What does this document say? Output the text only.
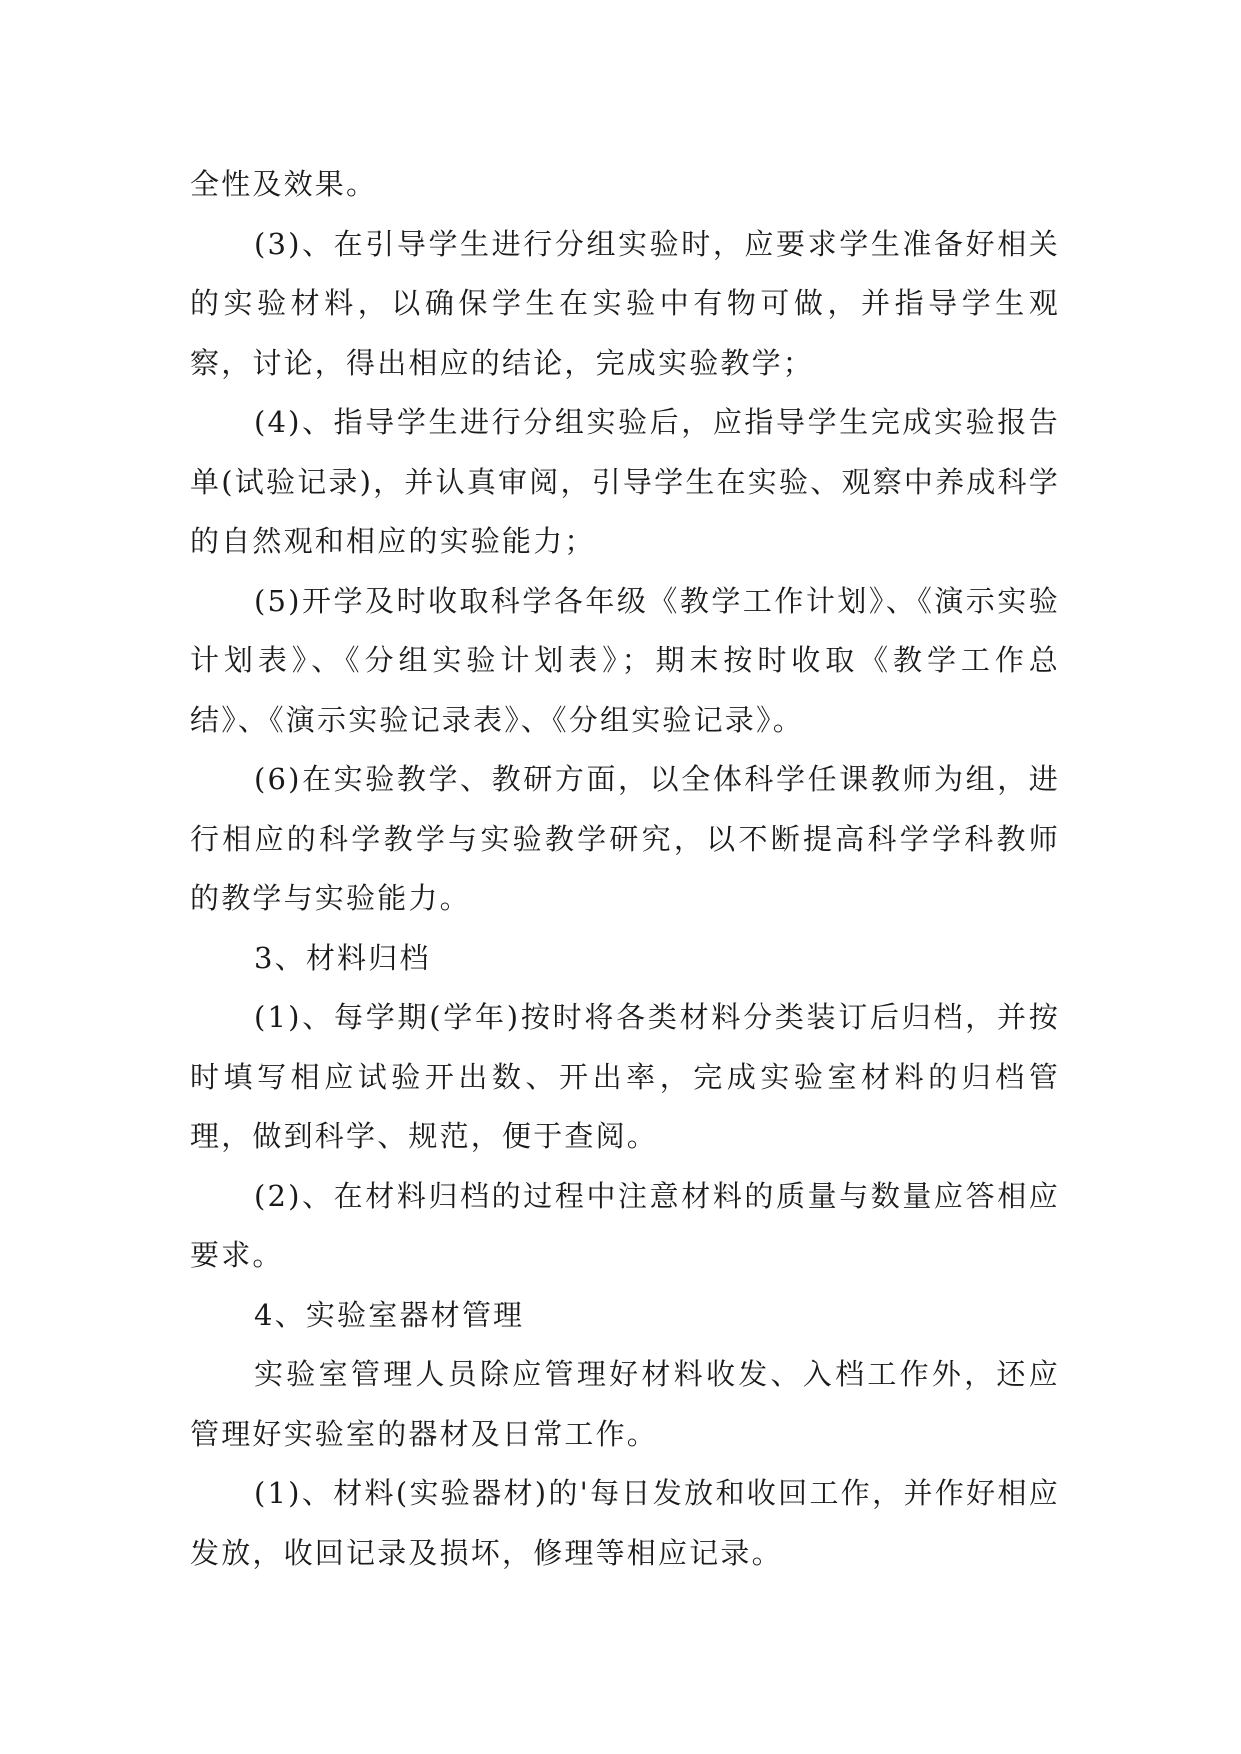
全性及效果。

(3)、在引导学生进行分组实验时，应要求学生准备好相关的实验材料，以确保学生在实验中有物可做，并指导学生观察，讨论，得出相应的结论，完成实验教学；

(4)、指导学生进行分组实验后，应指导学生完成实验报告单(试验记录)，并认真审阅，引导学生在实验、观察中养成科学的自然观和相应的实验能力；

(5)开学及时收取科学各年级《教学工作计划》、《演示实验计划表》、《分组实验计划表》；期末按时收取《教学工作总结》、《演示实验记录表》、《分组实验记录》。

(6)在实验教学、教研方面，以全体科学任课教师为组，进行相应的科学教学与实验教学研究，以不断提高科学学科教师的教学与实验能力。

3、材料归档

(1)、每学期(学年)按时将各类材料分类装订后归档，并按时填写相应试验开出数、开出率，完成实验室材料的归档管理，做到科学、规范，便于查阅。

(2)、在材料归档的过程中注意材料的质量与数量应答相应要求。

4、实验室器材管理

实验室管理人员除应管理好材料收发、入档工作外，还应管理好实验室的器材及日常工作。

(1)、材料(实验器材)的'每日发放和收回工作，并作好相应发放，收回记录及损坏，修理等相应记录。
